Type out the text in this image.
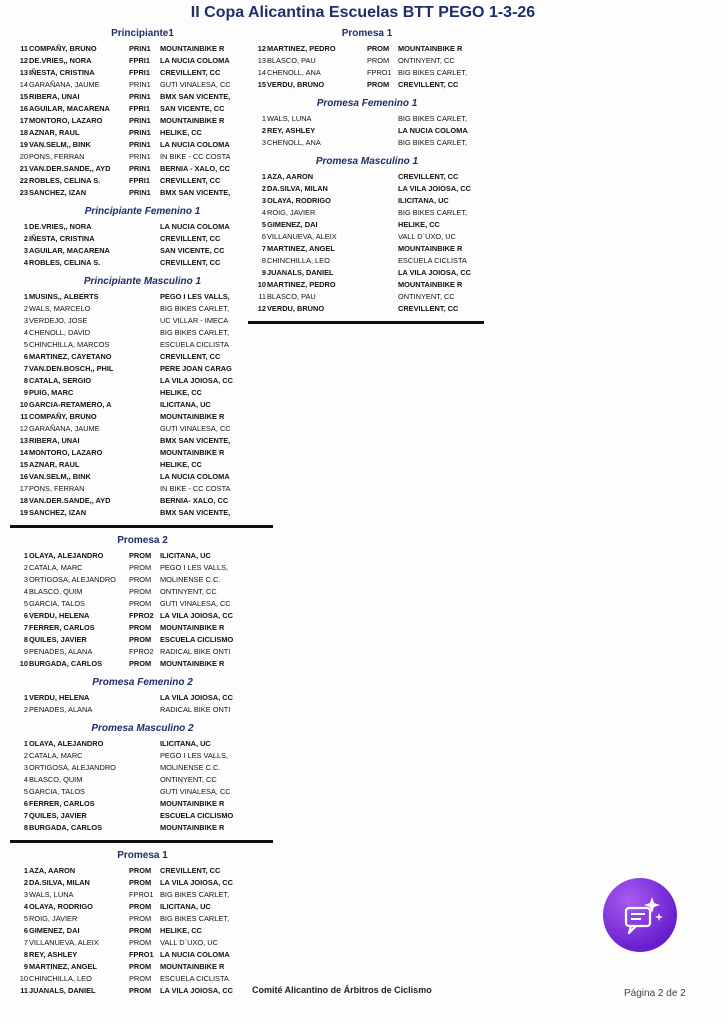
II Copa Alicantina Escuelas BTT PEGO 1-3-26
Principiante1
11 COMPAÑY, BRUNO	PRIN1	MOUNTAINBIKE R
12 DE.VRIES,, NORA	FPRI1	LA NUCIA COLOMA
13 IÑESTA, CRISTINA	FPRI1	CREVILLENT, CC
14 GARAÑANA, JAUME	PRIN1	GUTI VINALESA, CC
15 RIBERA, UNAI	PRIN1	BMX SAN VICENTE,
16 AGUILAR, MACARENA	FPRI1	SAN VICENTE, CC
17 MONTORO, LAZARO	PRIN1	MOUNTAINBIKE R
18 AZNAR, RAUL	PRIN1	HELIKE, CC
19 VAN.SELM,, BINK	PRIN1	LA NUCIA COLOMA
20 PONS, FERRAN	PRIN1	IN BIKE - CC COSTA
21 VAN.DER.SANDE,, AYD	PRIN1	BERNIA - XALO, CC
22 ROBLES, CELINA S.	FPRI1	CREVILLENT, CC
23 SANCHEZ, IZAN	PRIN1	BMX SAN VICENTE,
Principiante Femenino 1
1 DE.VRIES,, NORA	LA NUCIA COLOMA
2 IÑESTA, CRISTINA	CREVILLENT, CC
3 AGUILAR, MACARENA	SAN VICENTE, CC
4 ROBLES, CELINA S.	CREVILLENT, CC
Principiante Masculino 1
1 MUSINS,, ALBERTS	PEGO I LES VALLS,
2 WALS, MARCELO	BIG BIKES CARLET,
3 VERDEJO, JOSE	UC VILLAR - IMECA
4 CHENOLL, DAVID	BIG BIKES CARLET,
5 CHINCHILLA, MARCOS	ESCUELA CICLISTA
6 MARTINEZ, CAYETANO	CREVILLENT, CC
7 VAN.DEN.BOSCH,, PHIL	PERE JOAN CARAG
8 CATALA, SERGIO	LA VILA JOIOSA, CC
9 PUIG, MARC	HELIKE, CC
10 GARCIA-RETAMERO, A	ILICITANA, UC
11 COMPAÑY, BRUNO	MOUNTAINBIKE R
12 GARAÑANA, JAUME	GUTI VINALESA, CC
13 RIBERA, UNAI	BMX SAN VICENTE,
14 MONTORO, LAZARO	MOUNTAINBIKE R
15 AZNAR, RAUL	HELIKE, CC
16 VAN.SELM,, BINK	LA NUCIA COLOMA
17 PONS, FERRAN	IN BIKE - CC COSTA
18 VAN.DER.SANDE,, AYD	BERNIA- XALO, CC
19 SANCHEZ, IZAN	BMX SAN VICENTE,
Promesa 2
1 OLAYA, ALEJANDRO	PROM	ILICITANA, UC
2 CATALA, MARC	PROM	PEGO I LES VALLS,
3 ORTIGOSA, ALEJANDRO	PROM	MOLINENSE C.C.
4 BLASCO, QUIM	PROM	ONTINYENT, CC
5 GARCIA, TALOS	PROM	GUTI VINALESA, CC
6 VERDU, HELENA	FPRO2 LA VILA JOIOSA, CC
7 FERRER, CARLOS	PROM	MOUNTAINBIKE R
8 QUILES, JAVIER	PROM	ESCUELA CICLISMO
9 PENADES, ALANA	FPRO2 RADICAL BIKE ONTI
10 BURGADA, CARLOS	PROM	MOUNTAINBIKE R
Promesa Femenino 2
1 VERDU, HELENA	LA VILA JOIOSA, CC
2 PENADES, ALANA	RADICAL BIKE ONTI
Promesa Masculino 2
1 OLAYA, ALEJANDRO	ILICITANA, UC
2 CATALA, MARC	PEGO I LES VALLS,
3 ORTIGOSA, ALEJANDRO	MOLINENSE C.C.
4 BLASCO, QUIM	ONTINYENT, CC
5 GARCIA, TALOS	GUTI VINALESA, CC
6 FERRER, CARLOS	MOUNTAINBIKE R
7 QUILES, JAVIER	ESCUELA CICLISMO
8 BURGADA, CARLOS	MOUNTAINBIKE R
Promesa 1
1 AZA, AARON	PROM	CREVILLENT, CC
2 DA.SILVA, MILAN	PROM	LA VILA JOIOSA, CC
3 WALS, LUNA	FPRO1 BIG BIKES CARLET,
4 OLAYA, RODRIGO	PROM	ILICITANA, UC
5 ROIG, JAVIER	PROM	BIG BIKES CARLET,
6 GIMENEZ, DAI	PROM	HELIKE, CC
7 VILLANUEVA, ALEIX	PROM	VALL D´UXO, UC
8 REY, ASHLEY	FPRO1 LA NUCIA COLOMA
9 MARTINEZ, ANGEL	PROM	MOUNTAINBIKE R
10 CHINCHILLA, LEO	PROM	ESCUELA CICLISTA
11 JUANALS, DANIEL	PROM	LA VILA JOIOSA, CC
Promesa 1
12 MARTINEZ, PEDRO	PROM	MOUNTAINBIKE R
13 BLASCO, PAU	PROM	ONTINYENT, CC
14 CHENOLL, ANA	FPRO1 BIG BIKES CARLET,
15 VERDU, BRUNO	PROM	CREVILLENT, CC
Promesa Femenino 1
1 WALS, LUNA	BIG BIKES CARLET,
2 REY, ASHLEY	LA NUCIA COLOMA
3 CHENOLL, ANA	BIG BIKES CARLET,
Promesa Masculino 1
1 AZA, AARON	CREVILLENT, CC
2 DA.SILVA, MILAN	LA VILA JOIOSA, CC
3 OLAYA, RODRIGO	ILICITANA, UC
4 ROIG, JAVIER	BIG BIKES CARLET,
5 GIMENEZ, DAI	HELIKE, CC
6 VILLANUEVA, ALEIX	VALL D´UXO, UC
7 MARTINEZ, ANGEL	MOUNTAINBIKE R
8 CHINCHILLA, LEO	ESCUELA CICLISTA
9 JUANALS, DANIEL	LA VILA JOIOSA, CC
10 MARTINEZ, PEDRO	MOUNTAINBIKE R
11 BLASCO, PAU	ONTINYENT, CC
12 VERDU, BRUNO	CREVILLENT, CC
Comité Alicantino de Árbitros de Ciclismo	Página 2 de 2
